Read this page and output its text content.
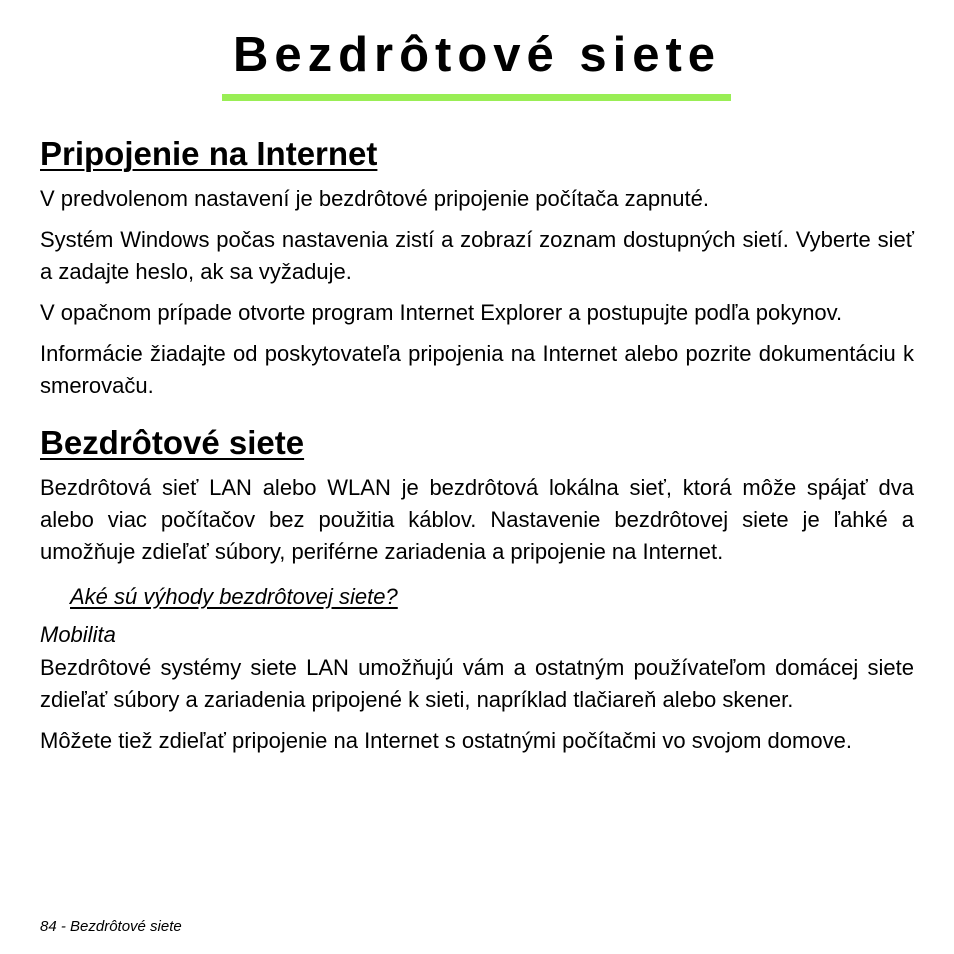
Bezdrôtové siete
Pripojenie na Internet

V predvolenom nastavení je bezdrôtové pripojenie počítača zapnuté.

Systém Windows počas nastavenia zistí a zobrazí zoznam dostupných sietí. Vyberte sieť a zadajte heslo, ak sa vyžaduje.

V opačnom prípade otvorte program Internet Explorer a postupujte podľa pokynov.

Informácie žiadajte od poskytovateľa pripojenia na Internet alebo pozrite dokumentáciu k smerovaču.

Bezdrôtové siete

Bezdrôtová sieť LAN alebo WLAN je bezdrôtová lokálna sieť, ktorá môže spájať dva alebo viac počítačov bez použitia káblov. Nastavenie bezdrôtovej siete je ľahké a umožňuje zdieľať súbory, periférne zariadenia a pripojenie na Internet.

Aké sú výhody bezdrôtovej siete?
Mobilita

Bezdrôtové systémy siete LAN umožňujú vám a ostatným používateľom domácej siete zdieľať súbory a zariadenia pripojené k sieti, napríklad tlačiareň alebo skener.

Môžete tiež zdieľať pripojenie na Internet s ostatnými počítačmi vo svojom domove.

84 - Bezdrôtové siete
